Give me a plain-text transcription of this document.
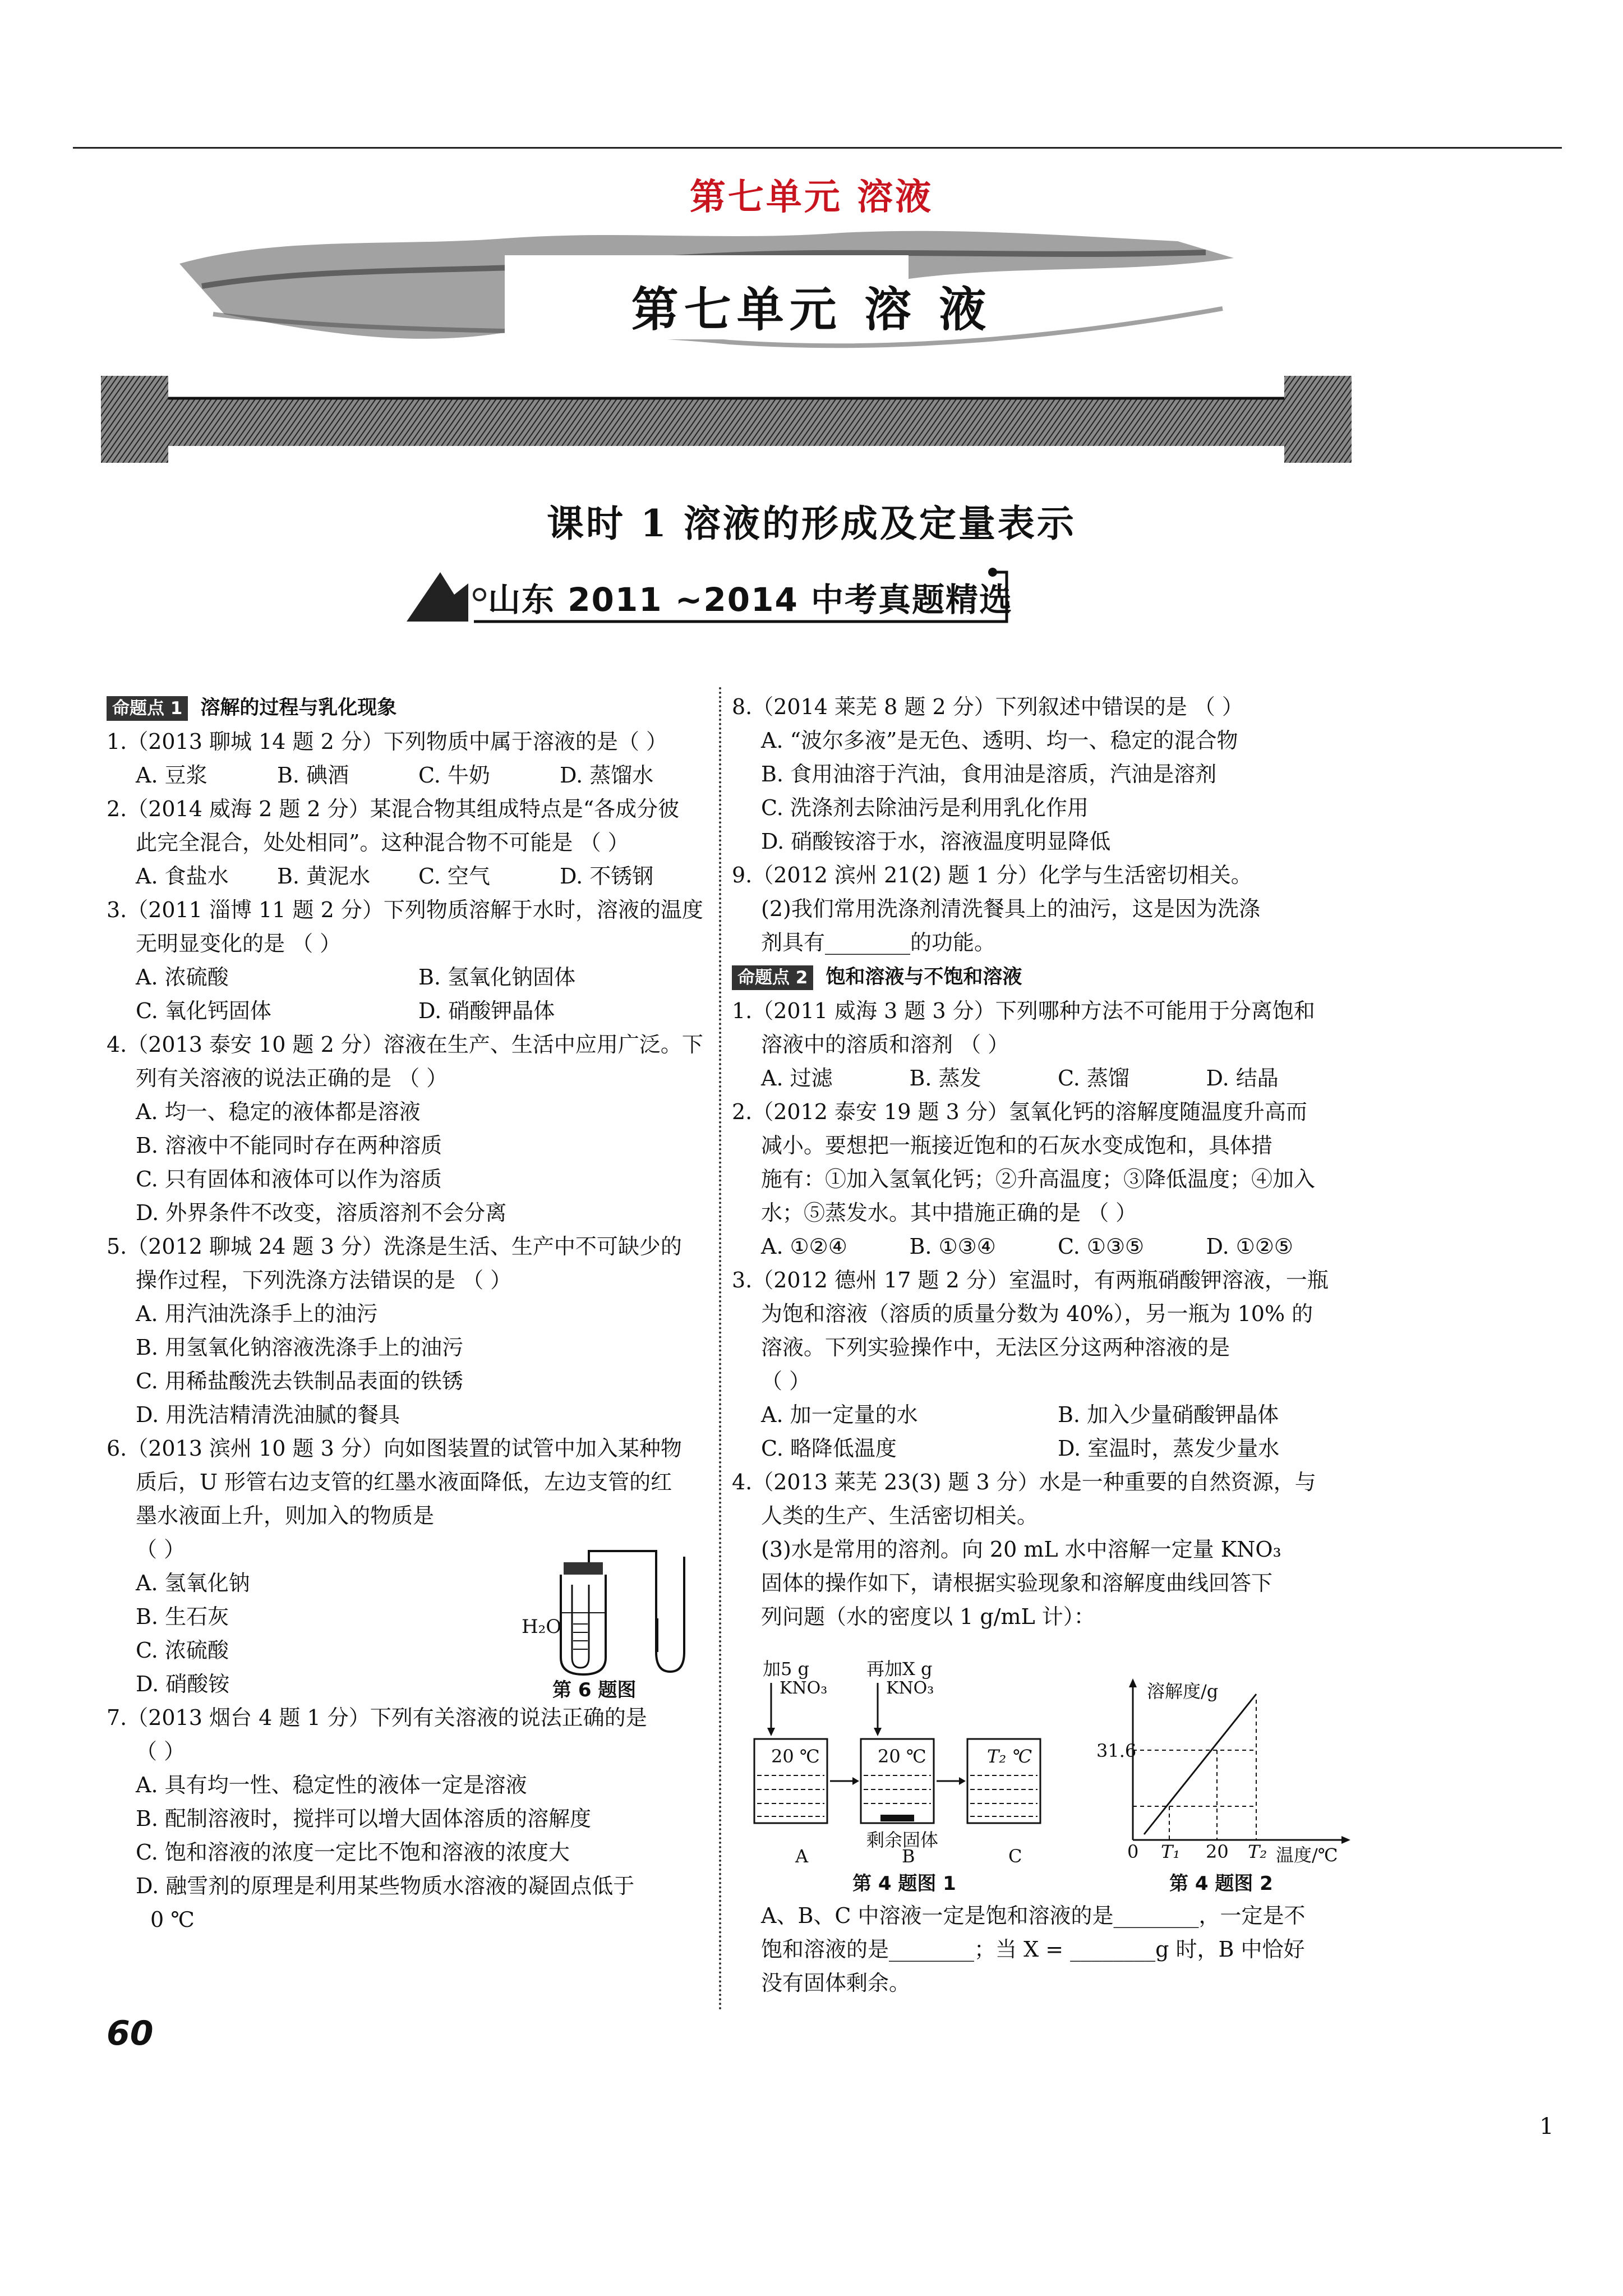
第七单元 溶液
第七单元 溶 液
课时 1 溶液的形成及定量表示
山东 2011 ~2014 中考真题精选
命题点 1 溶解的过程与乳化现象
1.（2013 聊城 14 题 2 分）下列物质中属于溶液的是（ ）
A. 豆浆	B. 碘酒	C. 牛奶	D. 蒸馏水
2.（2014 威海 2 题 2 分）某混合物其组成特点是“各成分彼
此完全混合，处处相同”。这种混合物不可能是 （ ）
A. 食盐水	B. 黄泥水	C. 空气	D. 不锈钢
3.（2011 淄博 11 题 2 分）下列物质溶解于水时，溶液的温度
无明显变化的是 （ ）
A. 浓硫酸	B. 氢氧化钠固体
C. 氧化钙固体	D. 硝酸钾晶体
4.（2013 泰安 10 题 2 分）溶液在生产、生活中应用广泛。下
列有关溶液的说法正确的是 （ ）
A. 均一、稳定的液体都是溶液
B. 溶液中不能同时存在两种溶质
C. 只有固体和液体可以作为溶质
D. 外界条件不改变，溶质溶剂不会分离
5.（2012 聊城 24 题 3 分）洗涤是生活、生产中不可缺少的
操作过程，下列洗涤方法错误的是 （ ）
A. 用汽油洗涤手上的油污
B. 用氢氧化钠溶液洗涤手上的油污
C. 用稀盐酸洗去铁制品表面的铁锈
D. 用洗洁精清洗油腻的餐具
6.（2013 滨州 10 题 3 分）向如图装置的试管中加入某种物
质后，U 形管右边支管的红墨水液面降低，左边支管的红
墨水液面上升，则加入的物质是
（ ）
A. 氢氧化钠
B. 生石灰
C. 浓硫酸
D. 硝酸铵
7.（2013 烟台 4 题 1 分）下列有关溶液的说法正确的是
（ ）
A. 具有均一性、稳定性的液体一定是溶液
B. 配制溶液时，搅拌可以增大固体溶质的溶解度
C. 饱和溶液的浓度一定比不饱和溶液的浓度大
D. 融雪剂的原理是利用某些物质水溶液的凝固点低于
0 ℃
8.（2014 莱芜 8 题 2 分）下列叙述中错误的是 （ ）
A. “波尔多液”是无色、透明、均一、稳定的混合物
B. 食用油溶于汽油，食用油是溶质，汽油是溶剂
C. 洗涤剂去除油污是利用乳化作用
D. 硝酸铵溶于水，溶液温度明显降低
9.（2012 滨州 21(2) 题 1 分）化学与生活密切相关。
(2)我们常用洗涤剂清洗餐具上的油污，这是因为洗涤
剂具有________的功能。
命题点 2 饱和溶液与不饱和溶液
1.（2011 威海 3 题 3 分）下列哪种方法不可能用于分离饱和
溶液中的溶质和溶剂 （ ）
A. 过滤	B. 蒸发	C. 蒸馏	D. 结晶
2.（2012 泰安 19 题 3 分）氢氧化钙的溶解度随温度升高而
减小。要想把一瓶接近饱和的石灰水变成饱和，具体措
施有：①加入氢氧化钙；②升高温度；③降低温度；④加入
水；⑤蒸发水。其中措施正确的是 （ ）
A. ①②④	B. ①③④	C. ①③⑤	D. ①②⑤
3.（2012 德州 17 题 2 分）室温时，有两瓶硝酸钾溶液，一瓶
为饱和溶液（溶质的质量分数为 40%），另一瓶为 10% 的
溶液。下列实验操作中，无法区分这两种溶液的是
（ ）
A. 加一定量的水	B. 加入少量硝酸钾晶体
C. 略降低温度	D. 室温时，蒸发少量水
4.（2013 莱芜 23(3) 题 3 分）水是一种重要的自然资源，与
人类的生产、生活密切相关。
(3)水是常用的溶剂。向 20 mL 水中溶解一定量 KNO₃
固体的操作如下，请根据实验现象和溶解度曲线回答下
列问题（水的密度以 1 g/mL 计）：
H₂O
第 6 题图
加5 g
KNO₃
再加X g
KNO₃
20 ℃	20 ℃	T₂ ℃
剩余固体
A	B	C
第 4 题图 1
溶解度/g
31.6
0 T₁ 20 T₂ 温度/℃
第 4 题图 2
A、B、C 中溶液一定是饱和溶液的是________，一定是不
饱和溶液的是________；当 X = ________g 时，B 中恰好
没有固体剩余。
60
1
